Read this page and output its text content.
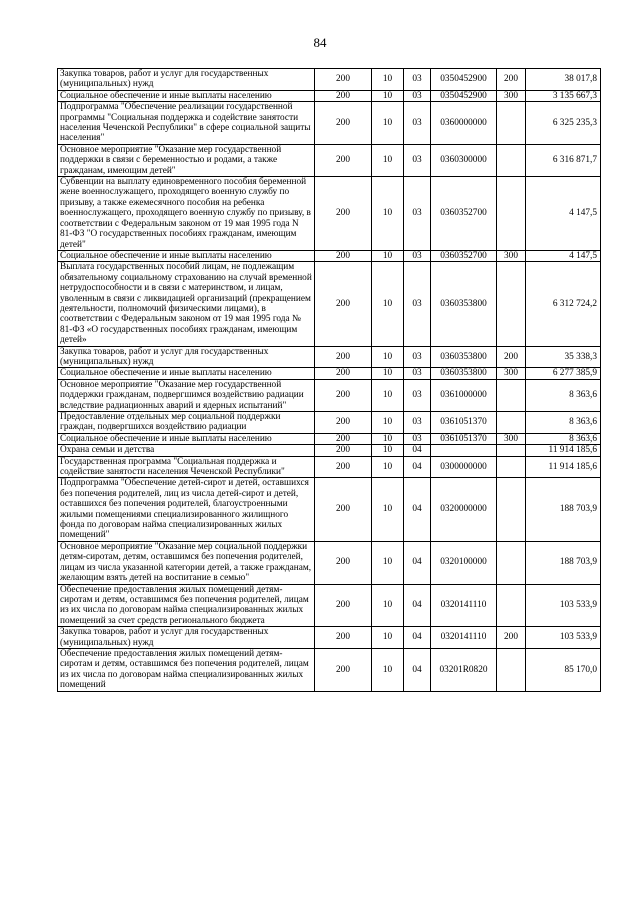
84
Закупка товаров, работ и услуг для государственных (муниципальных) нужд	200	10	03	0350452900	200	38 017,8
Социальное обеспечение и иные выплаты населению	200	10	03	0350452900	300	3 135 667,3
Подпрограмма "Обеспечение реализации государственной программы "Социальная поддержка и содействие занятости населения Чеченской Республики" в сфере социальной защиты населения"	200	10	03	0360000000		6 325 235,3
Основное мероприятие "Оказание мер государственной поддержки в связи с беременностью и родами, а также гражданам, имеющим детей"	200	10	03	0360300000		6 316 871,7
Субвенции на выплату единовременного пособия беременной жене военнослужащего, проходящего военную службу по призыву, а также ежемесячного пособия на ребенка военнослужащего, проходящего военную службу по призыву, в соответствии с Федеральным законом от 19 мая 1995 года N 81-ФЗ "О государственных пособиях гражданам, имеющим детей"	200	10	03	0360352700		4 147,5
Социальное обеспечение и иные выплаты населению	200	10	03	0360352700	300	4 147,5
Выплата государственных пособий лицам, не подлежащим обязательному социальному страхованию на случай временной нетрудоспособности и в связи с материнством, и лицам, уволенным в связи с ликвидацией организаций (прекращением деятельности, полномочий физическими лицами), в соответствии с Федеральным законом от 19 мая 1995 года № 81-ФЗ «О государственных пособиях гражданам, имеющим детей»	200	10	03	0360353800		6 312 724,2
Закупка товаров, работ и услуг для государственных (муниципальных) нужд	200	10	03	0360353800	200	35 338,3
Социальное обеспечение и иные выплаты населению	200	10	03	0360353800	300	6 277 385,9
Основное мероприятие "Оказание мер государственной поддержки гражданам, подвергшимся воздействию радиации вследствие радиационных аварий и ядерных испытаний"	200	10	03	0361000000		8 363,6
Предоставление отдельных мер социальной поддержки граждан, подвергшихся воздействию радиации	200	10	03	0361051370		8 363,6
Социальное обеспечение и иные выплаты населению	200	10	03	0361051370	300	8 363,6
Охрана семьи и детства	200	10	04			11 914 185,6
Государственная программа "Социальная поддержка и содействие занятости населения Чеченской Республики"	200	10	04	0300000000		11 914 185,6
Подпрограмма "Обеспечение детей-сирот и детей, оставшихся без попечения родителей, лиц из числа детей-сирот и детей, оставшихся без попечения родителей, благоустроенными жилыми помещениями специализированного жилищного фонда по договорам найма специализированных жилых помещений"	200	10	04	0320000000		188 703,9
Основное мероприятие "Оказание мер социальной поддержки детям-сиротам, детям, оставшимся без попечения родителей, лицам из числа указанной категории детей, а также гражданам, желающим взять детей на воспитание в семью"	200	10	04	0320100000		188 703,9
Обеспечение предоставления жилых помещений детям-сиротам и детям, оставшимся без попечения родителей, лицам из их числа по договорам найма специализированных жилых помещений за счет средств регионального бюджета	200	10	04	0320141110		103 533,9
Закупка товаров, работ и услуг для государственных (муниципальных) нужд	200	10	04	0320141110	200	103 533,9
Обеспечение предоставления жилых помещений детям-сиротам и детям, оставшимся без попечения родителей, лицам из их числа по договорам найма специализированных жилых помещений	200	10	04	03201R0820		85 170,0
